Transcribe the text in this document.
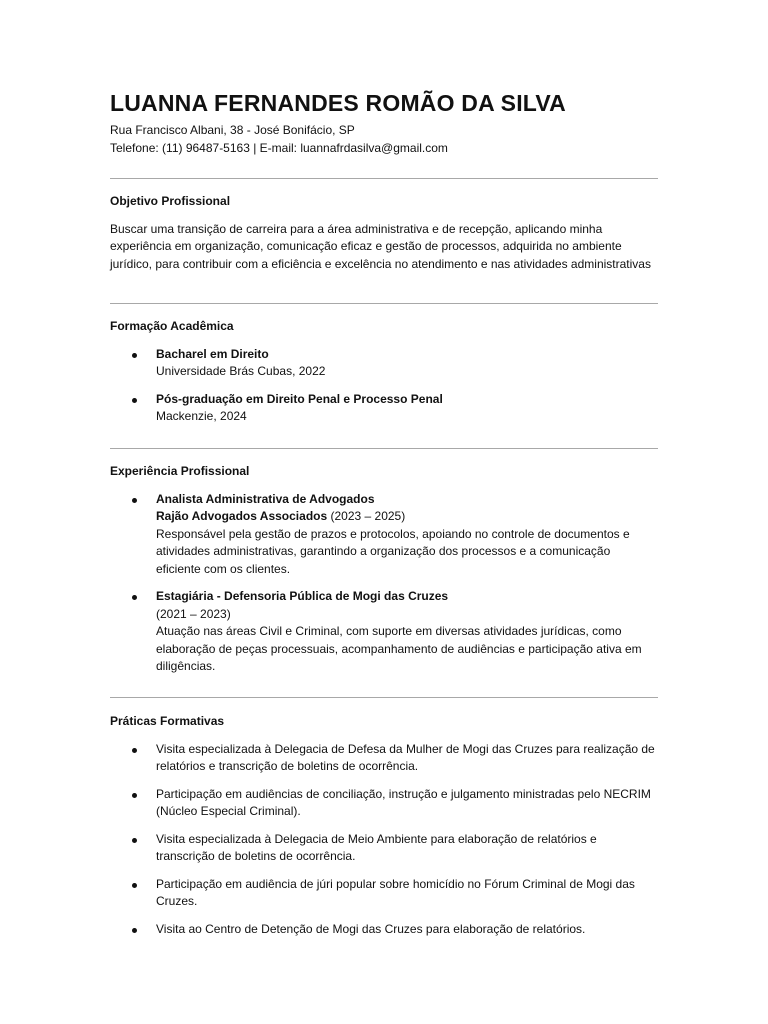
LUANNA FERNANDES ROMÃO DA SILVA
Rua Francisco Albani, 38 - José Bonifácio, SP
Telefone: (11) 96487-5163 | E-mail: luannafrdasilva@gmail.com
Objetivo Profissional

Buscar uma transição de carreira para a área administrativa e de recepção, aplicando minha experiência em organização, comunicação eficaz e gestão de processos, adquirida no ambiente jurídico, para contribuir com a eficiência e excelência no atendimento e nas atividades administrativas

Formação Acadêmica
Bacharel em Direito
Universidade Brás Cubas, 2022
Pós-graduação em Direito Penal e Processo Penal
Mackenzie, 2024
Experiência Profissional
Analista Administrativa de Advogados
Rajão Advogados Associados (2023 – 2025)
Responsável pela gestão de prazos e protocolos, apoiando no controle de documentos e atividades administrativas, garantindo a organização dos processos e a comunicação eficiente com os clientes.
Estagiária - Defensoria Pública de Mogi das Cruzes
(2021 – 2023)
Atuação nas áreas Civil e Criminal, com suporte em diversas atividades jurídicas, como elaboração de peças processuais, acompanhamento de audiências e participação ativa em diligências.
Práticas Formativas
Visita especializada à Delegacia de Defesa da Mulher de Mogi das Cruzes para realização de relatórios e transcrição de boletins de ocorrência.
Participação em audiências de conciliação, instrução e julgamento ministradas pelo NECRIM (Núcleo Especial Criminal).
Visita especializada à Delegacia de Meio Ambiente para elaboração de relatórios e transcrição de boletins de ocorrência.
Participação em audiência de júri popular sobre homicídio no Fórum Criminal de Mogi das Cruzes.
Visita ao Centro de Detenção de Mogi das Cruzes para elaboração de relatórios.
